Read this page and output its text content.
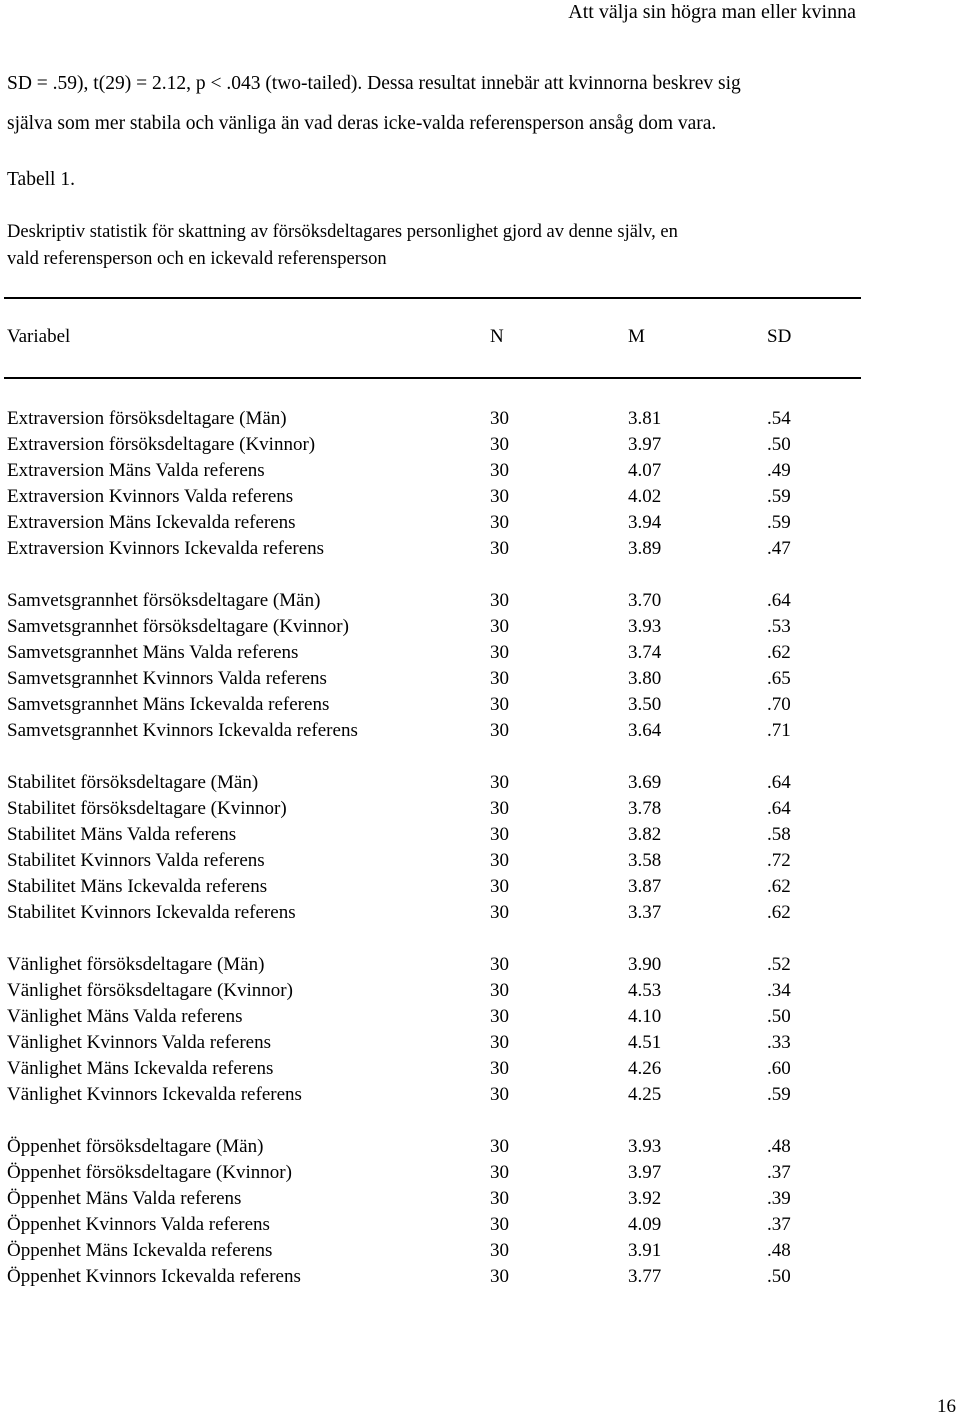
Att välja sin högra man eller kvinna

SD = .59), t(29) = 2.12, p < .043 (two-tailed). Dessa resultat innebär att kvinnorna beskrev sig

själva som mer stabila och vänliga än vad deras icke-valda referensperson ansåg dom vara.

Tabell 1.
Deskriptiv statistik för skattning av försöksdeltagares personlighet gjord av denne själv, en
vald referensperson och en ickevald referensperson
Variabel	N	M	SD
Extraversion försöksdeltagare (Män)	30	3.81	.54
Extraversion försöksdeltagare (Kvinnor)	30	3.97	.50
Extraversion Mäns Valda referens	30	4.07	.49
Extraversion Kvinnors Valda referens	30	4.02	.59
Extraversion Mäns Ickevalda referens	30	3.94	.59
Extraversion Kvinnors Ickevalda referens	30	3.89	.47
Samvetsgrannhet försöksdeltagare (Män)	30	3.70	.64
Samvetsgrannhet försöksdeltagare (Kvinnor)	30	3.93	.53
Samvetsgrannhet Mäns Valda referens	30	3.74	.62
Samvetsgrannhet Kvinnors Valda referens	30	3.80	.65
Samvetsgrannhet Mäns Ickevalda referens	30	3.50	.70
Samvetsgrannhet Kvinnors Ickevalda referens	30	3.64	.71
Stabilitet försöksdeltagare (Män)	30	3.69	.64
Stabilitet försöksdeltagare (Kvinnor)	30	3.78	.64
Stabilitet Mäns Valda referens	30	3.82	.58
Stabilitet Kvinnors Valda referens	30	3.58	.72
Stabilitet Mäns Ickevalda referens	30	3.87	.62
Stabilitet Kvinnors Ickevalda referens	30	3.37	.62
Vänlighet försöksdeltagare (Män)	30	3.90	.52
Vänlighet försöksdeltagare (Kvinnor)	30	4.53	.34
Vänlighet Mäns Valda referens	30	4.10	.50
Vänlighet Kvinnors Valda referens	30	4.51	.33
Vänlighet Mäns Ickevalda referens	30	4.26	.60
Vänlighet Kvinnors Ickevalda referens	30	4.25	.59
Öppenhet försöksdeltagare (Män)	30	3.93	.48
Öppenhet försöksdeltagare (Kvinnor)	30	3.97	.37
Öppenhet Mäns Valda referens	30	3.92	.39
Öppenhet Kvinnors Valda referens	30	4.09	.37
Öppenhet Mäns Ickevalda referens	30	3.91	.48
Öppenhet Kvinnors Ickevalda referens	30	3.77	.50
16
